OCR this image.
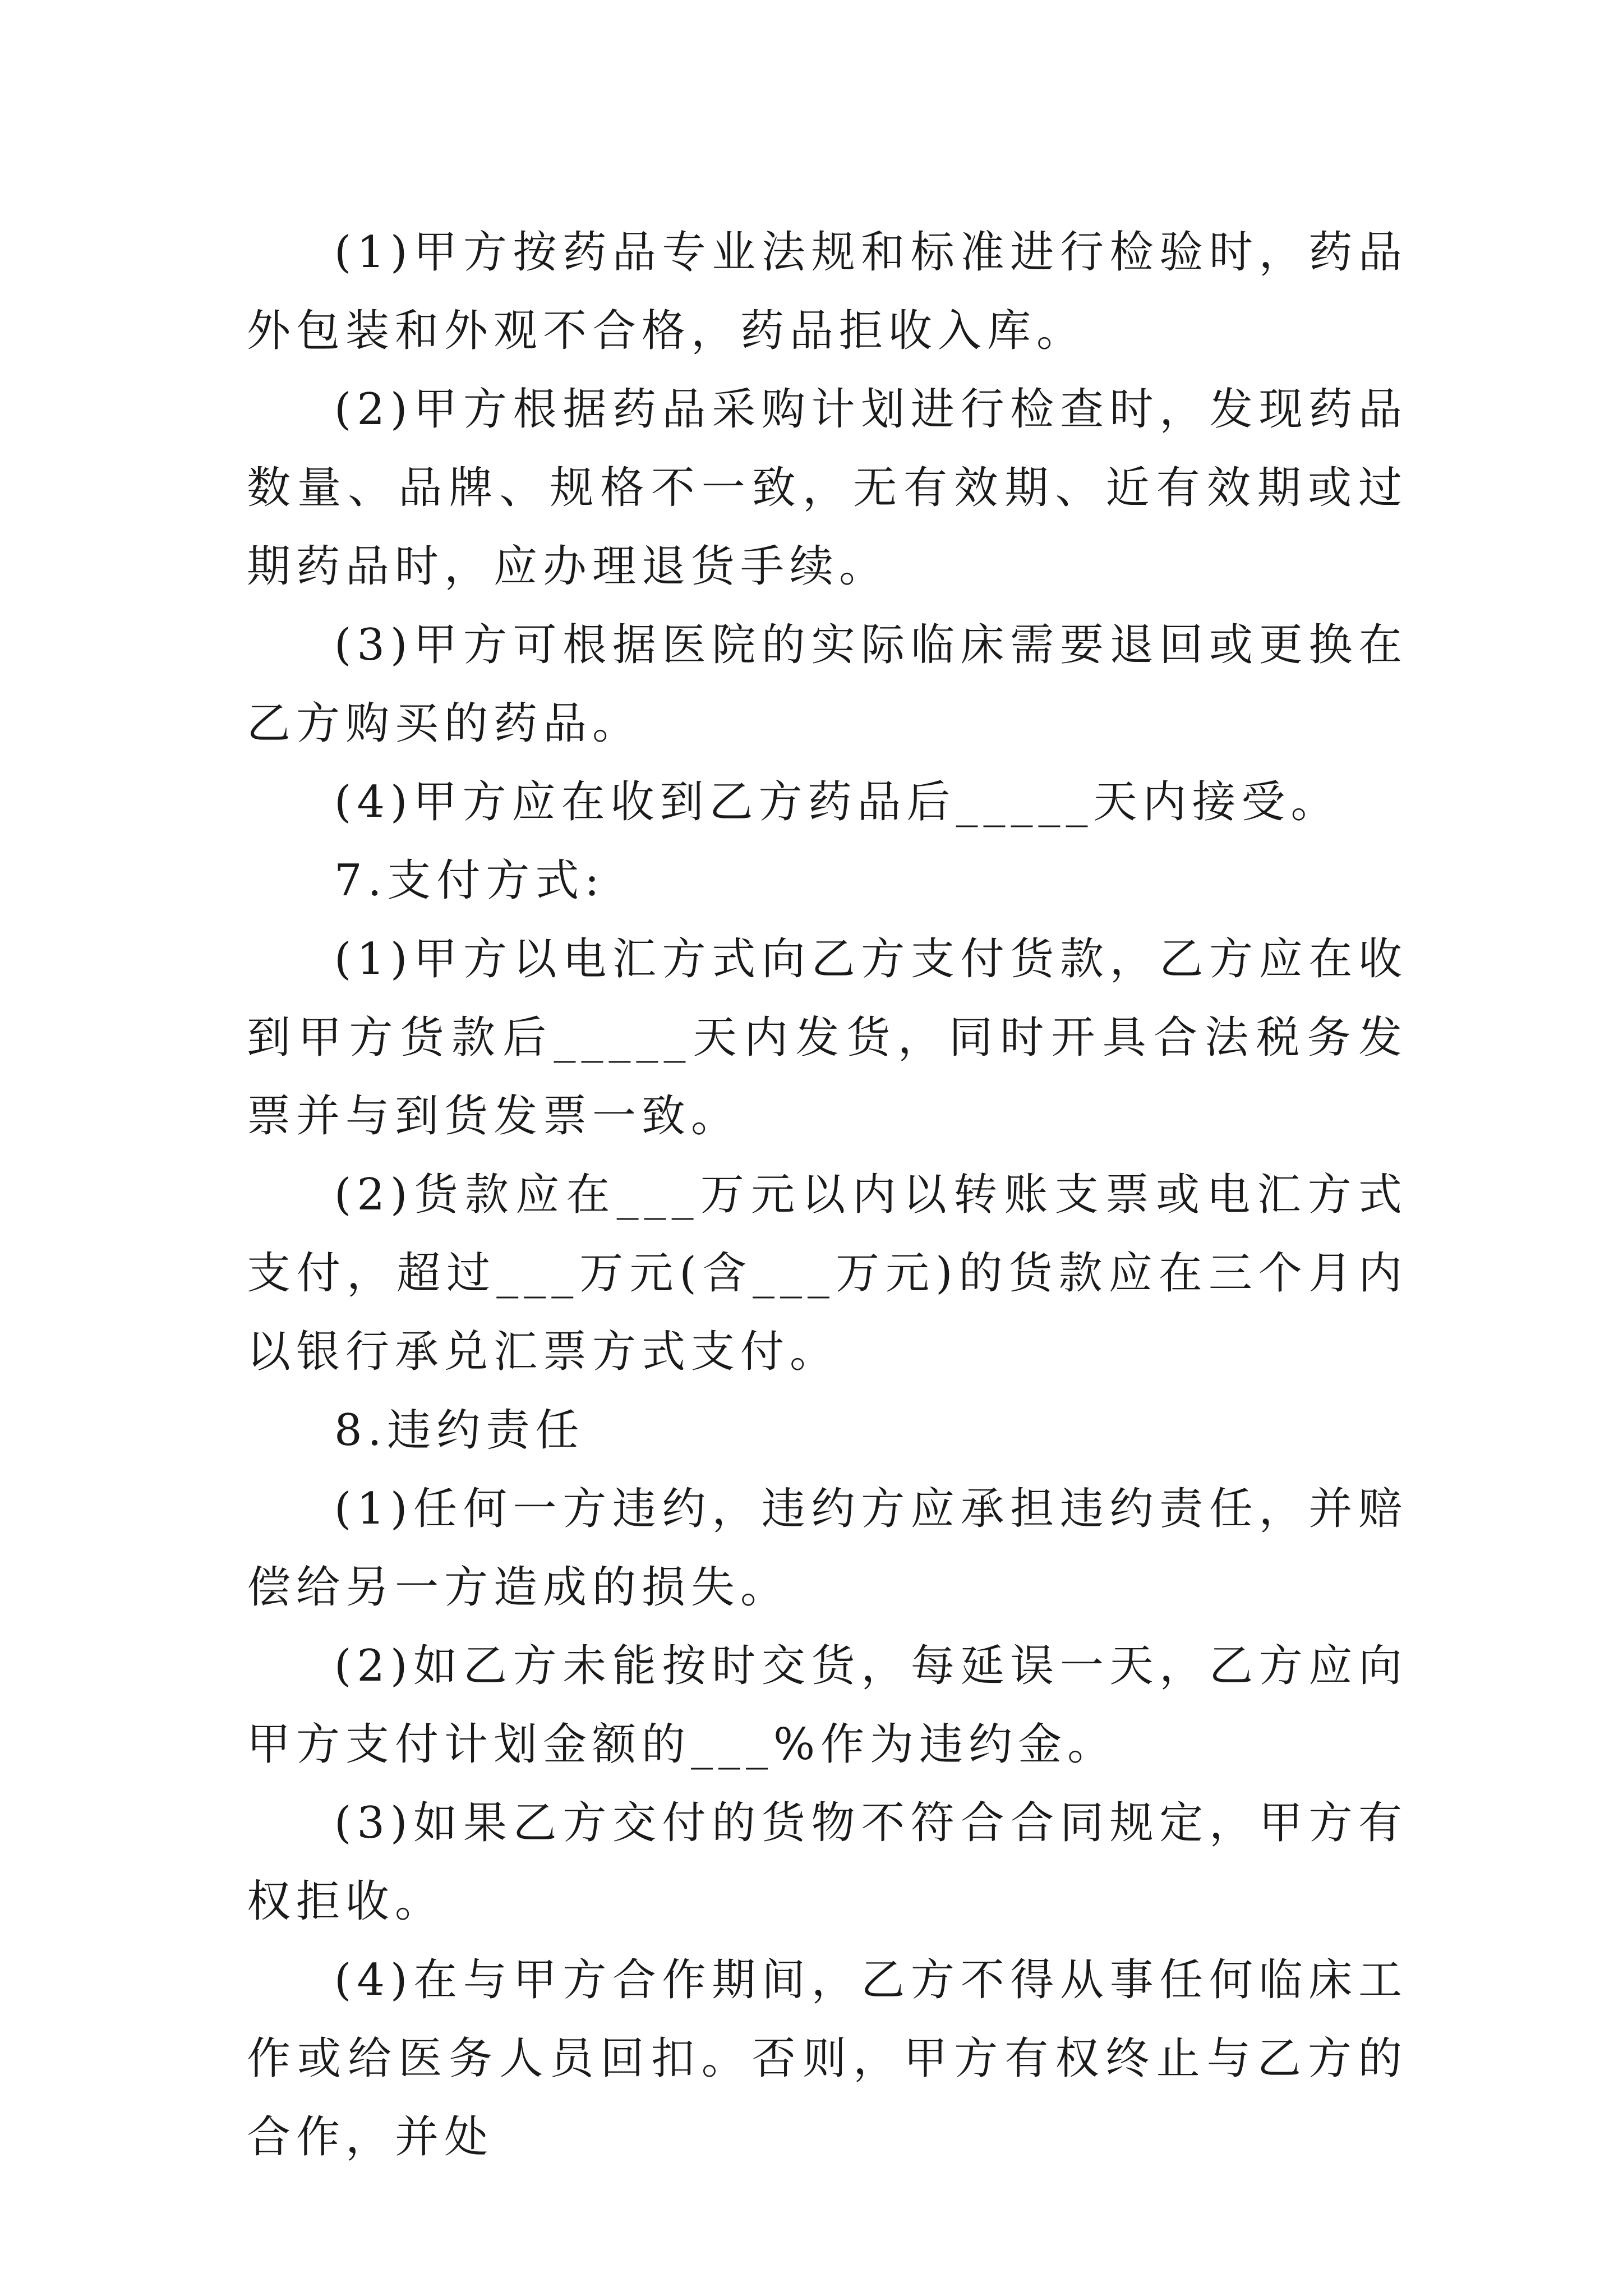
(1)甲方按药品专业法规和标准进行检验时，药品外包装和外观不合格，药品拒收入库。

(2)甲方根据药品采购计划进行检查时，发现药品数量、品牌、规格不一致，无有效期、近有效期或过期药品时，应办理退货手续。

(3)甲方可根据医院的实际临床需要退回或更换在乙方购买的药品。

(4)甲方应在收到乙方药品后_____天内接受。

7.支付方式:

(1)甲方以电汇方式向乙方支付货款，乙方应在收到甲方货款后_____天内发货，同时开具合法税务发票并与到货发票一致。

(2)货款应在___万元以内以转账支票或电汇方式支付，超过___万元(含___万元)的货款应在三个月内以银行承兑汇票方式支付。

8.违约责任

(1)任何一方违约，违约方应承担违约责任，并赔偿给另一方造成的损失。

(2)如乙方未能按时交货，每延误一天，乙方应向甲方支付计划金额的___%作为违约金。

(3)如果乙方交付的货物不符合合同规定，甲方有权拒收。

(4)在与甲方合作期间，乙方不得从事任何临床工作或给医务人员回扣。否则，甲方有权终止与乙方的合作，并处
